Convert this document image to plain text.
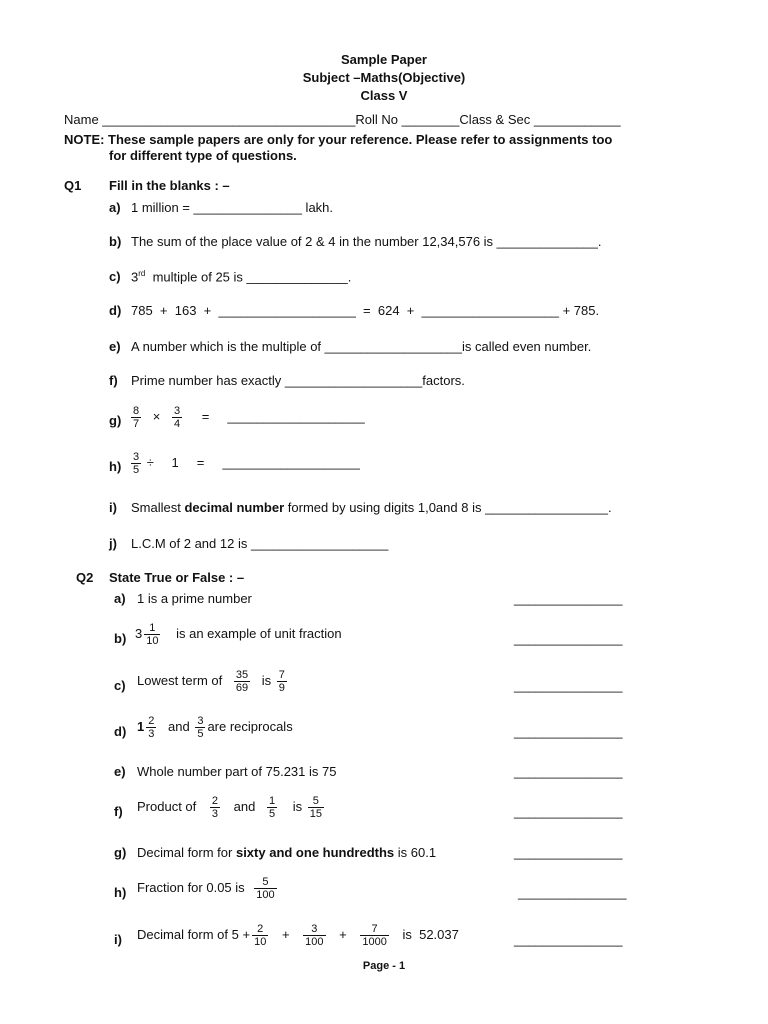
Sample Paper
Subject –Maths(Objective)
Class V
Name ___________________________________Roll No ________Class & Sec ____________
NOTE: These sample papers are only for your reference. Please refer to assignments too
for different type of questions.
Q1 Fill in the blanks : –
a) 1 million = _______________ lakh.
b) The sum of the place value of 2 & 4 in the number 12,34,576 is ______________.
c) 3rd  multiple of 25 is ______________.
d) 785  +  163  +  ___________________  =  624  +  ___________________ + 785.
e) A number which is the multiple of ___________________is called even number.
f) Prime number has exactly ___________________factors.
$g) \frac{8}{7} \times \frac{3}{4}$ =     ___________________
$h) \frac{3}{5} \div 1$     =     ___________________
i) Smallest decimal number formed by using digits 1,0and 8 is _________________.
j) L.C.M of 2 and 12 is ___________________
Q2 State True or False : –
a) 1 is a prime number	_______________
b) $3 \frac{1}{10}$ is an example of unit fraction	_______________
c) Lowest term of $\frac{35}{69}$ is $\frac{7}{9}$	_______________
d) $1 \frac{2}{3}$ and $\frac{3}{5}$ are reciprocals	_______________
e) Whole number part of 75.231 is 75	_______________
f) Product of $\frac{2}{3}$ and $\frac{1}{5}$ is $\frac{5}{15}$	_______________
g) Decimal form for sixty and one hundredths is 60.1	_______________
h) Fraction for 0.05 is $\frac{5}{100}$	_______________
i) Decimal form of $5 + \frac{2}{10} + \frac{3}{100} + \frac{7}{1000}$ is  52.037	_______________
Page - 1
